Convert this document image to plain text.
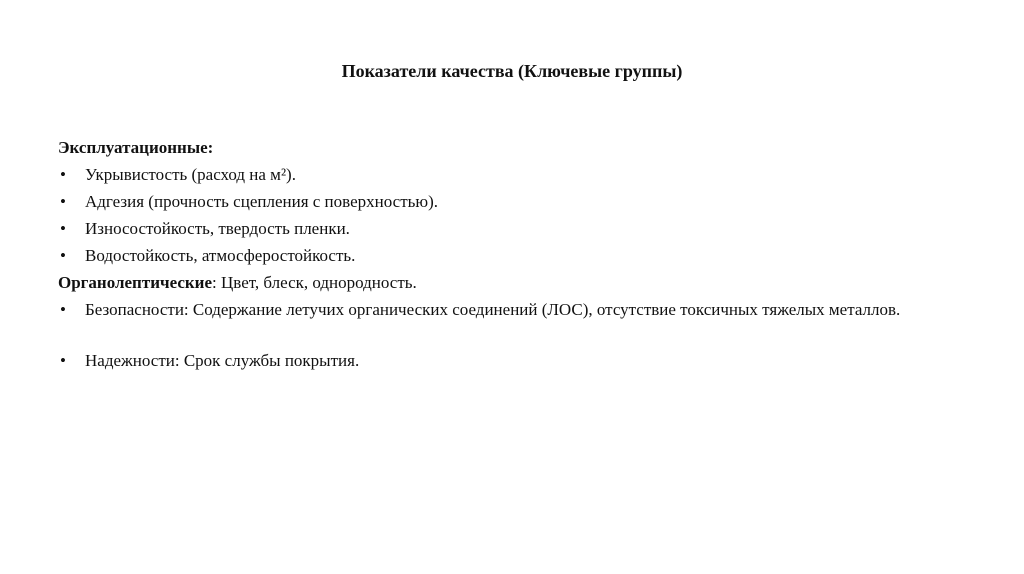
Показатели качества (Ключевые группы)
Эксплуатационные:
•	Укрывистость (расход на м²).
•	Адгезия (прочность сцепления с поверхностью).
•	Износостойкость, твердость пленки.
•	Водостойкость, атмосферостойкость.
Органолептические: Цвет, блеск, однородность.
•	Безопасности: Содержание летучих органических соединений (ЛОС), отсутствие токсичных тяжелых металлов.
•	Надежности: Срок службы покрытия.
